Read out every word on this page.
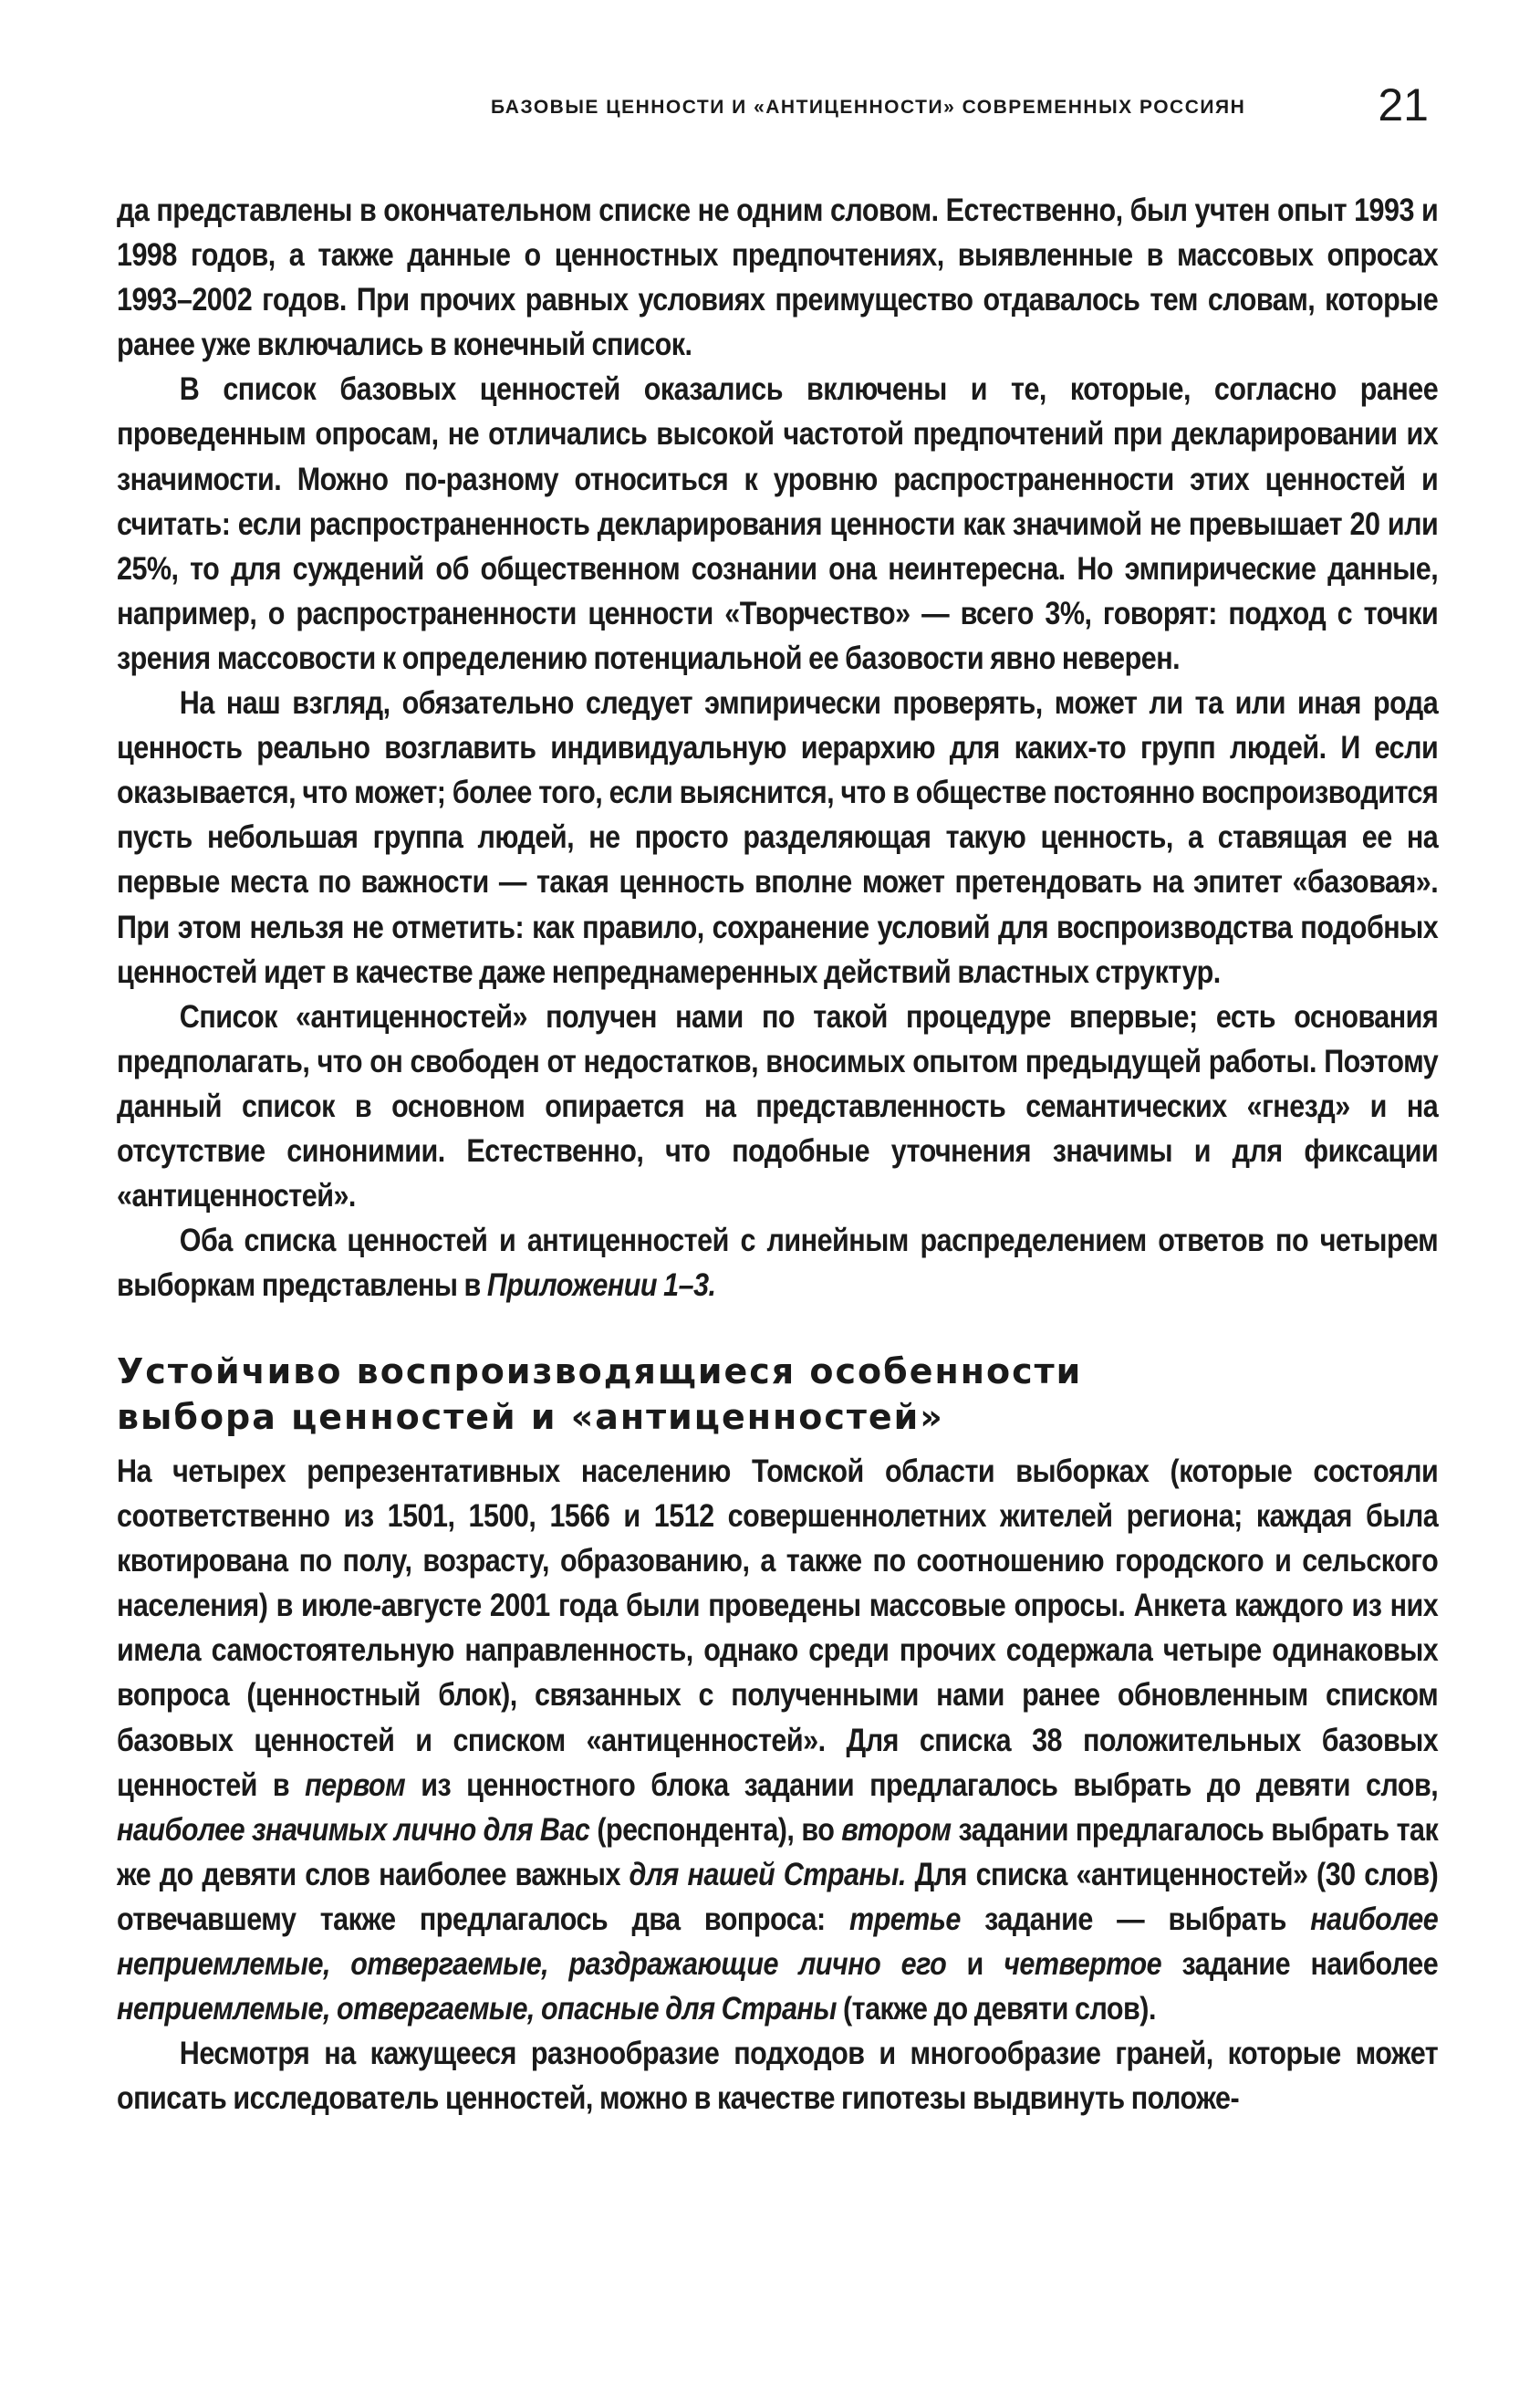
БАЗОВЫЕ ЦЕННОСТИ И «АНТИЦЕННОСТИ» СОВРЕМЕННЫХ РОССИЯН	21

да представлены в окончательном списке не одним словом. Естественно, был учтен опыт 1993 и 1998 годов, а также данные о ценностных предпочтениях, выявленные в массовых опросах 1993–2002 годов. При прочих равных условиях преимущество отдавалось тем словам, которые ранее уже включались в конечный список.

В список базовых ценностей оказались включены и те, которые, согласно ранее проведенным опросам, не отличались высокой частотой предпочтений при декларировании их значимости. Можно по-разному относиться к уровню распространенности этих ценностей и считать: если распространенность декларирования ценности как значимой не превышает 20 или 25%, то для суждений об общественном сознании она неинтересна. Но эмпирические данные, например, о распространенности ценности «Творчество» — всего 3%, говорят: подход с точки зрения массовости к определению потенциальной ее базовости явно неверен.

На наш взгляд, обязательно следует эмпирически проверять, может ли та или иная рода ценность реально возглавить индивидуальную иерархию для каких-то групп людей. И если оказывается, что может; более того, если выяснится, что в обществе постоянно воспроизводится пусть небольшая группа людей, не просто разделяющая такую ценность, а ставящая ее на первые места по важности — такая ценность вполне может претендовать на эпитет «базовая». При этом нельзя не отметить: как правило, сохранение условий для воспроизводства подобных ценностей идет в качестве даже непреднамеренных действий властных структур.

Список «антиценностей» получен нами по такой процедуре впервые; есть основания предполагать, что он свободен от недостатков, вносимых опытом предыдущей работы. Поэтому данный список в основном опирается на представленность семантических «гнезд» и на отсутствие синонимии. Естественно, что подобные уточнения значимы и для фиксации «антиценностей».

Оба списка ценностей и антиценностей с линейным распределением ответов по четырем выборкам представлены в Приложении 1–3.

Устойчиво воспроизводящиеся особенности
выбора ценностей и «антиценностей»

На четырех репрезентативных населению Томской области выборках (которые состояли соответственно из 1501, 1500, 1566 и 1512 совершеннолетних жителей региона; каждая была квотирована по полу, возрасту, образованию, а также по соотношению городского и сельского населения) в июле-августе 2001 года были проведены массовые опросы. Анкета каждого из них имела самостоятельную направленность, однако среди прочих содержала четыре одинаковых вопроса (ценностный блок), связанных с полученными нами ранее обновленным списком базовых ценностей и списком «антиценностей». Для списка 38 положительных базовых ценностей в первом из ценностного блока задании предлагалось выбрать до девяти слов, наиболее значимых лично для Вас (респондента), во втором задании предлагалось выбрать так же до девяти слов наиболее важных для нашей Страны. Для списка «антиценностей» (30 слов) отвечавшему также предлагалось два вопроса: третье задание — выбрать наиболее неприемлемые, отвергаемые, раздражающие лично его и четвертое задание наиболее неприемлемые, отвергаемые, опасные для Страны (также до девяти слов).

Несмотря на кажущееся разнообразие подходов и многообразие граней, которые может описать исследователь ценностей, можно в качестве гипотезы выдвинуть положе-
